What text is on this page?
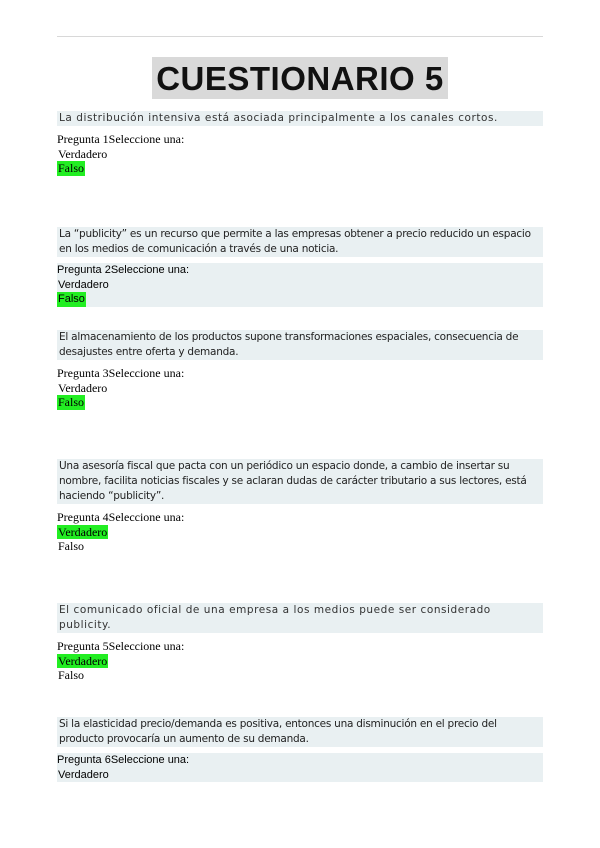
CUESTIONARIO 5
La distribución intensiva está asociada principalmente a los canales cortos.
Pregunta 1Seleccione una:
Verdadero
Falso
La “publicity” es un recurso que permite a las empresas obtener a precio reducido un espacio en los medios de comunicación a través de una noticia.
Pregunta 2Seleccione una:
Verdadero
Falso
El almacenamiento de los productos supone transformaciones espaciales, consecuencia de desajustes entre oferta y demanda.
Pregunta 3Seleccione una:
Verdadero
Falso
Una asesoría fiscal que pacta con un periódico un espacio donde, a cambio de insertar su nombre, facilita noticias fiscales y se aclaran dudas de carácter tributario a sus lectores, está haciendo “publicity”.
Pregunta 4Seleccione una:
Verdadero
Falso
El comunicado oficial de una empresa a los medios puede ser considerado publicity.
Pregunta 5Seleccione una:
Verdadero
Falso
Si la elasticidad precio/demanda es positiva, entonces una disminución en el precio del producto provocaría un aumento de su demanda.
Pregunta 6Seleccione una:
Verdadero
